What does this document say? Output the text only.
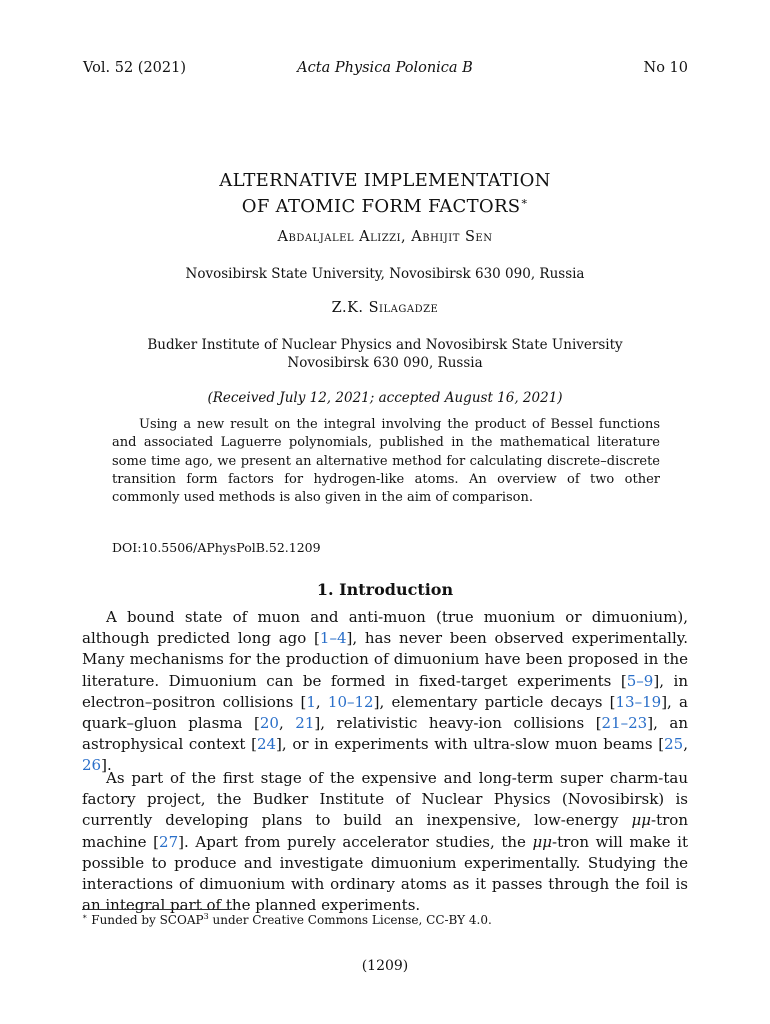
Vol. 52 (2021)	Acta Physica Polonica B	No 10
ALTERNATIVE IMPLEMENTATION
OF ATOMIC FORM FACTORS∗
Abdaljalel Alizzi, Abhijit Sen
Novosibirsk State University, Novosibirsk 630 090, Russia
Z.K. Silagadze
Budker Institute of Nuclear Physics and Novosibirsk State University
Novosibirsk 630 090, Russia
(Received July 12, 2021; accepted August 16, 2021)
Using a new result on the integral involving the product of Bessel functions and associated Laguerre polynomials, published in the mathematical literature some time ago, we present an alternative method for calculating discrete–discrete transition form factors for hydrogen-like atoms. An overview of two other commonly used methods is also given in the aim of comparison.
DOI:10.5506/APhysPolB.52.1209
1. Introduction

A bound state of muon and anti-muon (true muonium or dimuonium), although predicted long ago [1–4], has never been observed experimentally. Many mechanisms for the production of dimuonium have been proposed in the literature. Dimuonium can be formed in fixed-target experiments [5–9], in electron–positron collisions [1, 10–12], elementary particle decays [13–19], a quark–gluon plasma [20, 21], relativistic heavy-ion collisions [21–23], an astrophysical context [24], or in experiments with ultra-slow muon beams [25, 26].

As part of the first stage of the expensive and long-term super charm-tau factory project, the Budker Institute of Nuclear Physics (Novosibirsk) is currently developing plans to build an inexpensive, low-energy μμ-tron machine [27]. Apart from purely accelerator studies, the μμ-tron will make it possible to produce and investigate dimuonium experimentally. Studying the interactions of dimuonium with ordinary atoms as it passes through the foil is an integral part of the planned experiments.

∗ Funded by SCOAP$^3$ under Creative Commons License, CC-BY 4.0.
(1209)
